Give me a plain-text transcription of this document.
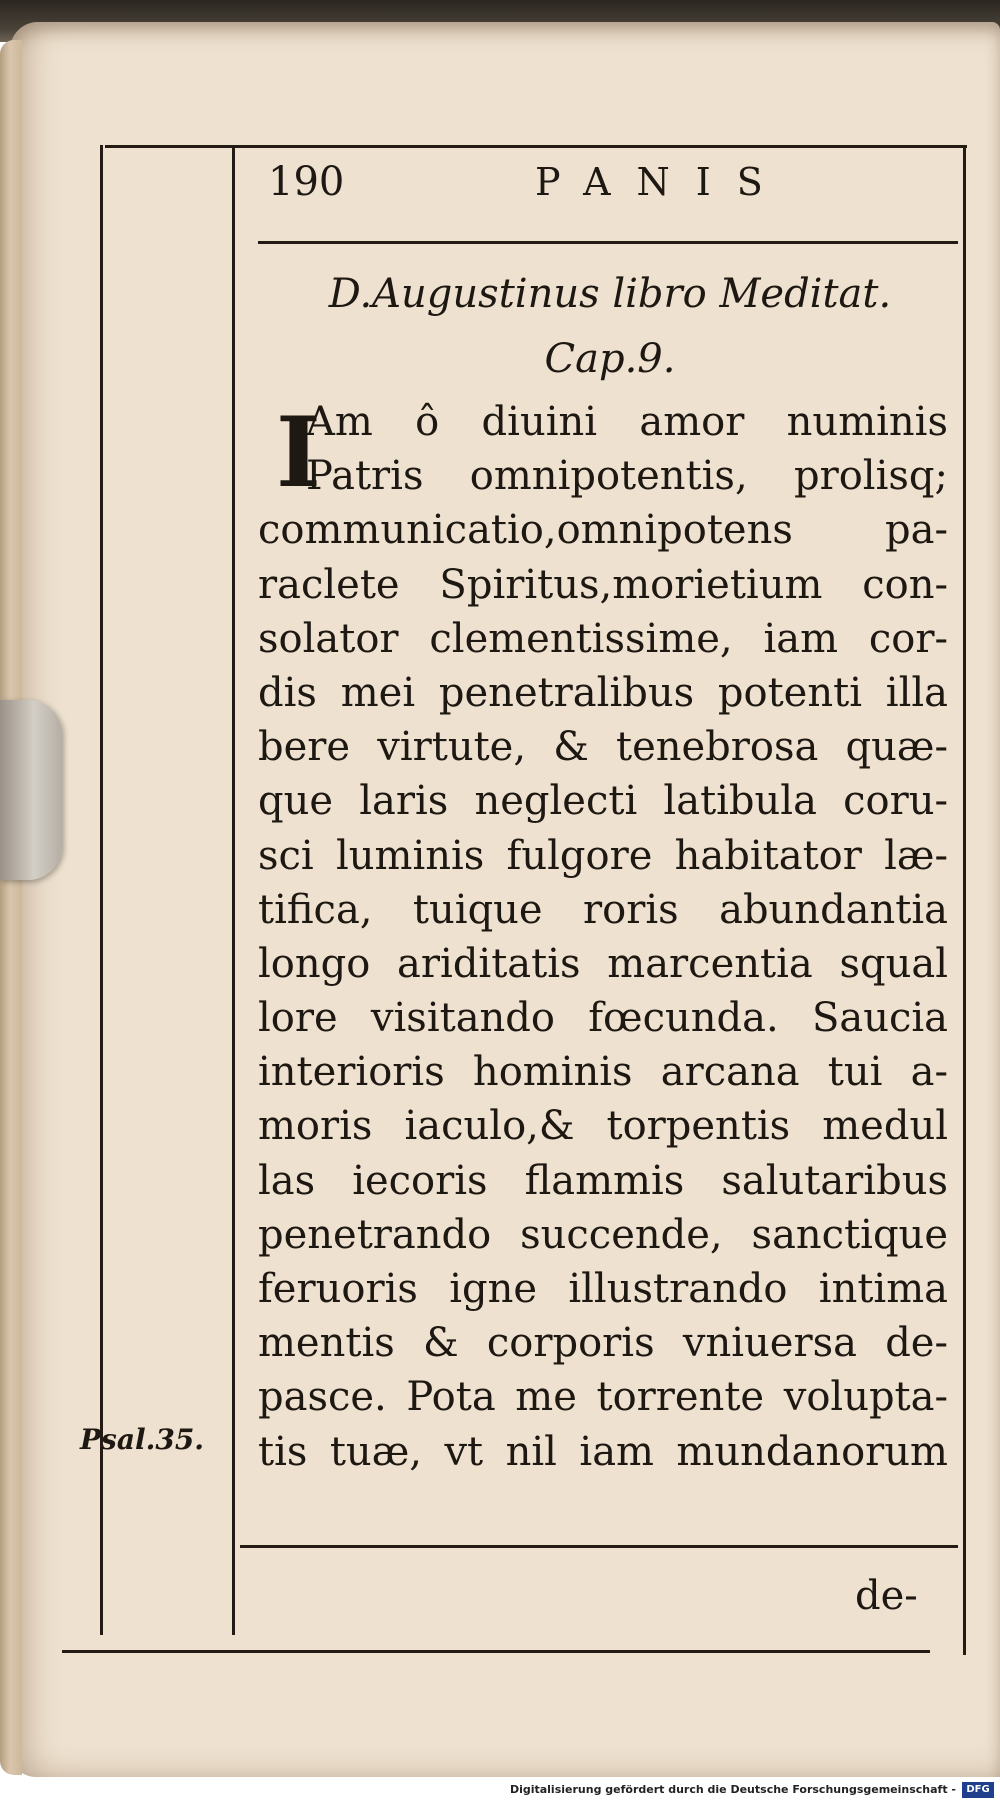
190	PANIS
D.Augustinus libro Meditat.
Cap.9.
I
Am ô diuini amor numinis
Patris omnipotentis, prolisq;
communicatio,omnipotens pa-
raclete Spiritus,morietium con-
solator clementissime, iam cor-
dis mei penetralibus potenti illa
bere virtute, & tenebrosa quæ-
que laris neglecti latibula coru-
sci luminis fulgore habitator læ-
tifica, tuique roris abundantia
longo ariditatis marcentia squal
lore visitando fœcunda. Saucia
interioris hominis arcana tui a-
moris iaculo,& torpentis medul
las iecoris flammis salutaribus
penetrando succende, sanctique
feruoris igne illustrando intima
mentis & corporis vniuersa de-
pasce. Pota me torrente volupta-
tis tuæ, vt nil iam mundanorum
Psal.35.
de-
Digitalisierung gefördert durch die Deutsche Forschungsgemeinschaft -	DFG
